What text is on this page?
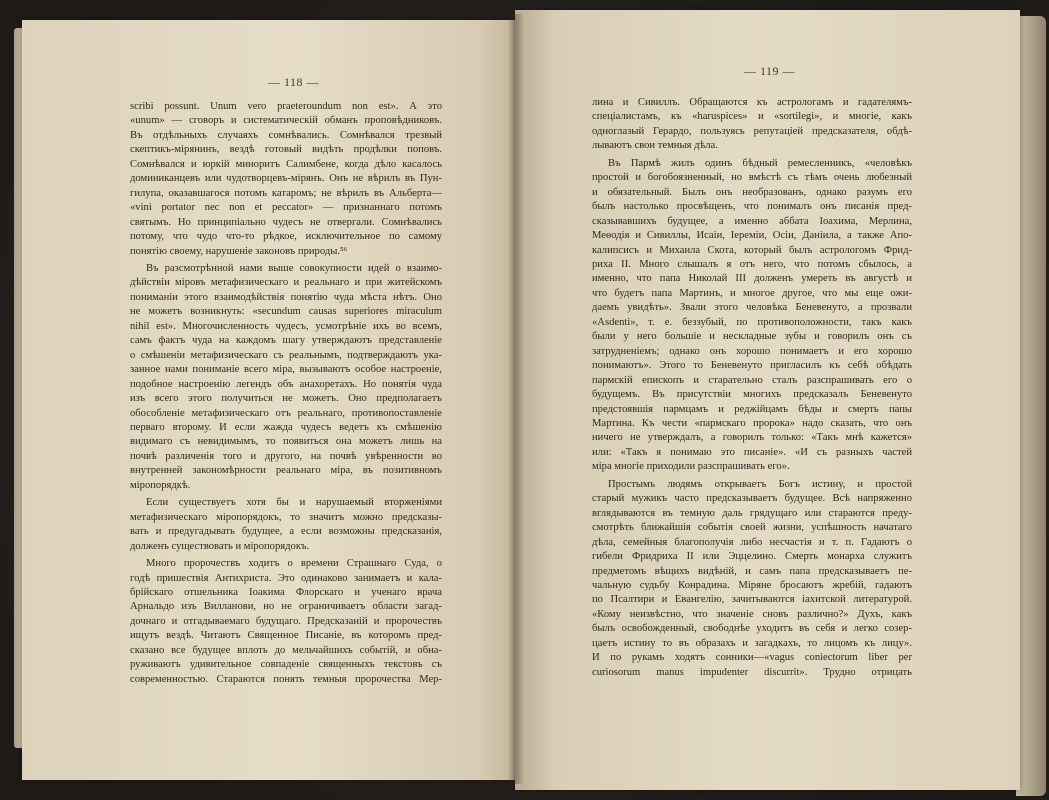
— 118 —
— 119 —
scribi possunt. Unum vero praeteroundum non est». А это
«unum» — сговоръ и систематическій обманъ проповѣдниковъ.
Въ отдѣльныхъ случаяхъ сомнѣвались. Сомнѣвался трезвый
скептикъ-мірянинъ, вездѣ готовый видѣть продѣлки поповъ.
Сомнѣвался и юркій миноритъ Салимбене, когда дѣло касалось
доминиканцевъ или чудотворцевъ-мірянъ. Онъ не вѣрилъ въ Пун-
гилупа, оказавшагося потомъ катаромъ; не вѣрилъ въ Альберта—
«vini portator nec non et peccator» — признаннаго потомъ
святымъ. Но принципіально чудесъ не отвергали. Сомнѣвались
потому, что чудо что-то рѣдкое, исключительное по самому
понятію своему, нарушеніе законовъ природы.⁵⁶
Въ разсмотрѣнной нами выше совокупности идей о взаимо-
дѣйствіи міровъ метафизическаго и реальнаго и при житейскомъ
пониманіи этого взаимодѣйствія понятію чуда мѣста нѣтъ. Оно
не можетъ возникнуть: «secundum causas superiores miraculum
nihil est». Многочисленность чудесъ, усмотрѣніе ихъ во всемъ,
самъ фактъ чуда на каждомъ шагу утверждаютъ представленіе
о смѣшеніи метафизическаго съ реальнымъ, подтверждаютъ ука-
занное нами пониманіе всего міра, вызываютъ особое настроеніе,
подобное настроенію легендъ объ анахоретахъ. Но понятія чуда
изъ всего этого получиться не можетъ. Оно предполагаетъ
обособленіе метафизическаго отъ реальнаго, противопоставленіе
перваго второму. И если жажда чудесъ ведетъ къ смѣшенію
видимаго съ невидимымъ, то появиться она можетъ лишь на
почвѣ различенія того и другого, на почвѣ увѣренности во
внутренней закономѣрности реальнаго міра, въ позитивномъ
міропорядкѣ.
Если существуетъ хотя бы и нарушаемый вторженіями
метафизическаго міропорядокъ, то значитъ можно предсказы-
вать и предугадывать будущее, а если возможны предсказанія,
долженъ существовать и міропорядокъ.
Много пророчествъ ходитъ о времени Страшнаго Суда, о
годѣ пришествія Антихриста. Это одинаково занимаетъ и кала-
брійскаго отшельника Іоакима Флорскаго и ученаго врача
Арнальдо изъ Вилланови, но не ограничиваетъ области загад-
дочнаго и отгадываемаго будущаго. Предсказаній и пророчествъ
ищутъ вездѣ. Читаютъ Священное Писаніе, въ которомъ пред-
сказано все будущее вплоть до мельчайшихъ событій, и обна-
руживаютъ удивительное совпаденіе священныхъ текстовъ съ
современностью. Стараются понять темныя пророчества Мер-
лина и Сивиллъ. Обращаются къ астрологамъ и гадателямъ-
спеціалистамъ, къ «haruspices» и «sortilegi», и многіе, какъ
одноглазый Герардо, пользуясь репутаціей предсказателя, обдѣ-
лываютъ свои темныя дѣла.
Въ Пармѣ жилъ одинъ бѣдный ремесленникъ, «человѣкъ
простой и богобоязненный, но вмѣстѣ съ тѣмъ очень любезный
и обязательный. Былъ онъ необразованъ, однако разумъ его
былъ настолько просвѣщенъ, что понималъ онъ писанія пред-
сказывавшихъ будущее, а именно аббата Іоахима, Мерлина,
Меѳодія и Сивиллы, Исаіи, Іереміи, Осіи, Даніила, а также Апо-
калипсисъ и Михаила Скота, который былъ астрологомъ Фрид-
риха II. Много слышалъ я отъ него, что потомъ сбылось, а
именно, что папа Николай III долженъ умереть въ августѣ и
что будетъ папа Мартинъ, и многое другое, что мы еще ожи-
даемъ увидѣть». Звали этого человѣка Беневенуто, а прозвали
«Asdenti», т. е. беззубый, по противоположности, такъ какъ
были у него большіе и нескладные зубы и говорилъ онъ съ
затрудненіемъ; однако онъ хорошо понимаетъ и его хорошо
понимаютъ». Этого то Беневенуто пригласилъ къ себѣ обѣдать
пармскій епископъ и старательно сталъ разспрашивать его о
будущемъ. Въ присутствіи многихъ предсказалъ Беневенуто
предстоявшія пармцамъ и реджійцамъ бѣды и смерть папы
Мартина. Къ чести «пармскаго пророка» надо сказать, что онъ
ничего не утверждалъ, а говорилъ только: «Такъ мнѣ кажется»
или: «Такъ я понимаю это писаніе». «И съ разныхъ частей
міра многіе приходили разспрашивать его».
Простымъ людямъ открываетъ Богъ истину, и простой
старый мужикъ часто предсказываетъ будущее. Всѣ напряженно
вглядываются въ темную даль грядущаго или стараются преду-
смотрѣть ближайшія событія своей жизни, успѣшность начатаго
дѣла, семейныя благополучія либо несчастія и т. п. Гадаютъ о
гибели Фридриха II или Эццелино. Смерть монарха служитъ
предметомъ вѣщихъ видѣній, и самъ папа предсказываетъ пе-
чальную судьбу Конрадина. Міряне бросаютъ жребій, гадаютъ
по Псалтири и Евангелію, зачитываются іахитской литературой.
«Кому неизвѣстно, что значеніе сновъ различно?» Духъ, какъ
былъ освобожденный, свободнѣе уходитъ въ себя и легко созер-
цаетъ истину то въ образахъ и загадкахъ, то лицомъ къ лицу».
И по рукамъ ходятъ сонники—«vagus coniectorum liber per
curiosorum manus impudenter discurrit». Трудно отрицать
